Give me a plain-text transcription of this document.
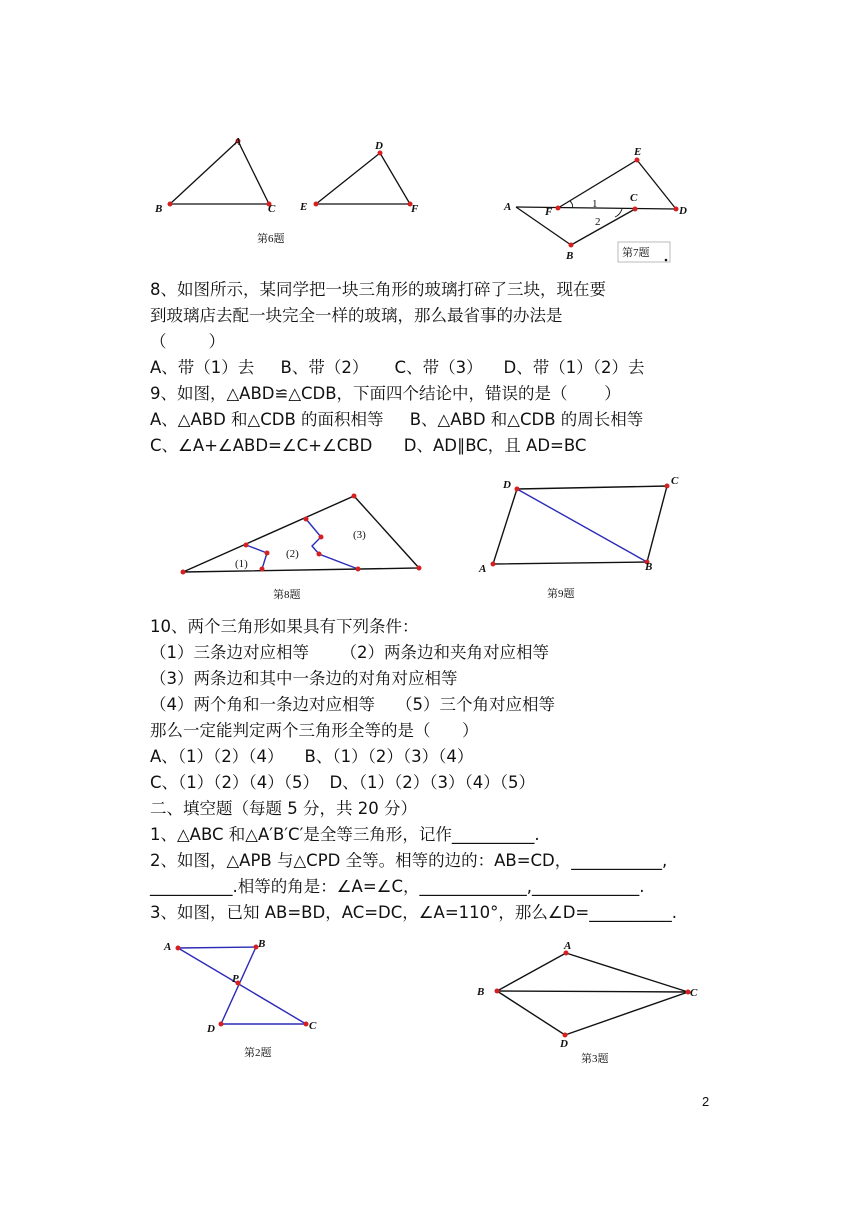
A
B	C
D
E	F
第6题
A
B
C
D
E
F
1
2
第7题
8、如图所示，某同学把一块三角形的玻璃打碎了三块，现在要
到玻璃店去配一块完全一样的玻璃，那么最省事的办法是
（        ）
A、带（1）去     B、带（2）     C、带（3）    D、带（1）（2）去
9、如图，△ABD≌△CDB，下面四个结论中，错误的是（       ）
A、△ABD 和△CDB 的面积相等     B、△ABD 和△CDB 的周长相等
C、∠A+∠ABD=∠C+∠CBD      D、AD∥BC，且 AD=BC
(1)
(2)
(3)
第8题
D	C
B
A
第9题
10、两个三角形如果具有下列条件：
（1）三条边对应相等      （2）两条边和夹角对应相等
（3）两条边和其中一条边的对角对应相等
（4）两个角和一条边对应相等    （5）三个角对应相等
那么一定能判定两个三角形全等的是（      ）
A、（1）（2）（4）    B、（1）（2）（3）（4）
C、（1）（2）（4）（5）  D、（1）（2）（3）（4）（5）
二、填空题（每题 5 分，共 20 分）
1、△ABC 和△A′B′C′是全等三角形，记作__________.
2、如图，△APB 与△CPD 全等。相等的边的：AB=CD，___________,
__________.相等的角是：∠A=∠C，_____________,_____________.
3、如图，已知 AB=BD，AC=DC，∠A=110°，那么∠D=__________.
A	B
D	C
P
第2题
A
B	C
D
第3题
2
